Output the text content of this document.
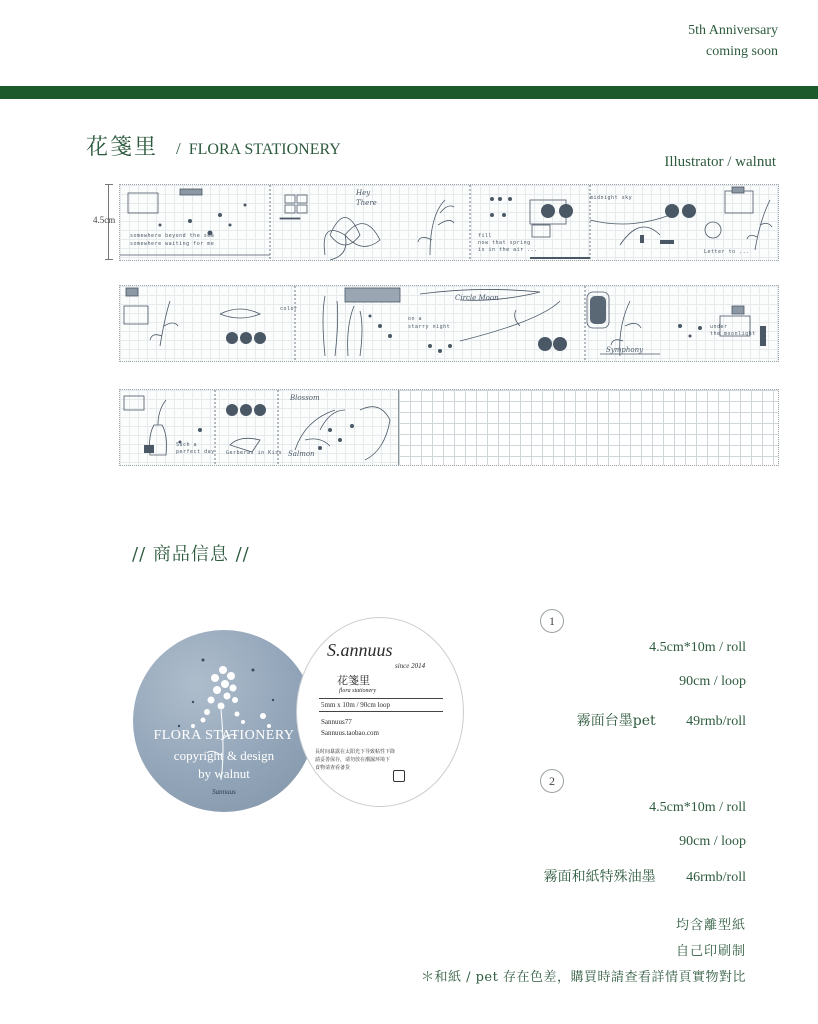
5th Anniversary
coming soon
花箋里 / FLORA STATIONERY
Illustrator / walnut
4.5cm
somewhere beyond the sea
somewhere waiting for me
Hey
There
fill
now that spring
is in the air ...
midnight sky
Letter to ...
color
on a
starry night
Circle Moon
under
the moonlight
Symphony
Such a
perfect day Gerberas in Kiss
Blossom
Salmon
// 商品信息 //
FLORA STATIONERY
copyright & design
by walnut
Sannuus
S.annuus
since 2014
花箋里
flora stationery
5mm x 10m / 90cm loop
Sannuus77
Sannuus.taobao.com
長时间暴露在太阳光下导致粘性下降
請妥善保存，请勿放在潮濕环境下
食物请查看备货
1
4.5cm*10m / roll
90cm / loop
霧面台墨pet 49rmb/roll
2
4.5cm*10m / roll
90cm / loop
霧面和紙特殊油墨 46rmb/roll
均含離型紙
自己印刷制
＊和紙 / pet 存在色差，購買時請查看詳情頁實物對比
